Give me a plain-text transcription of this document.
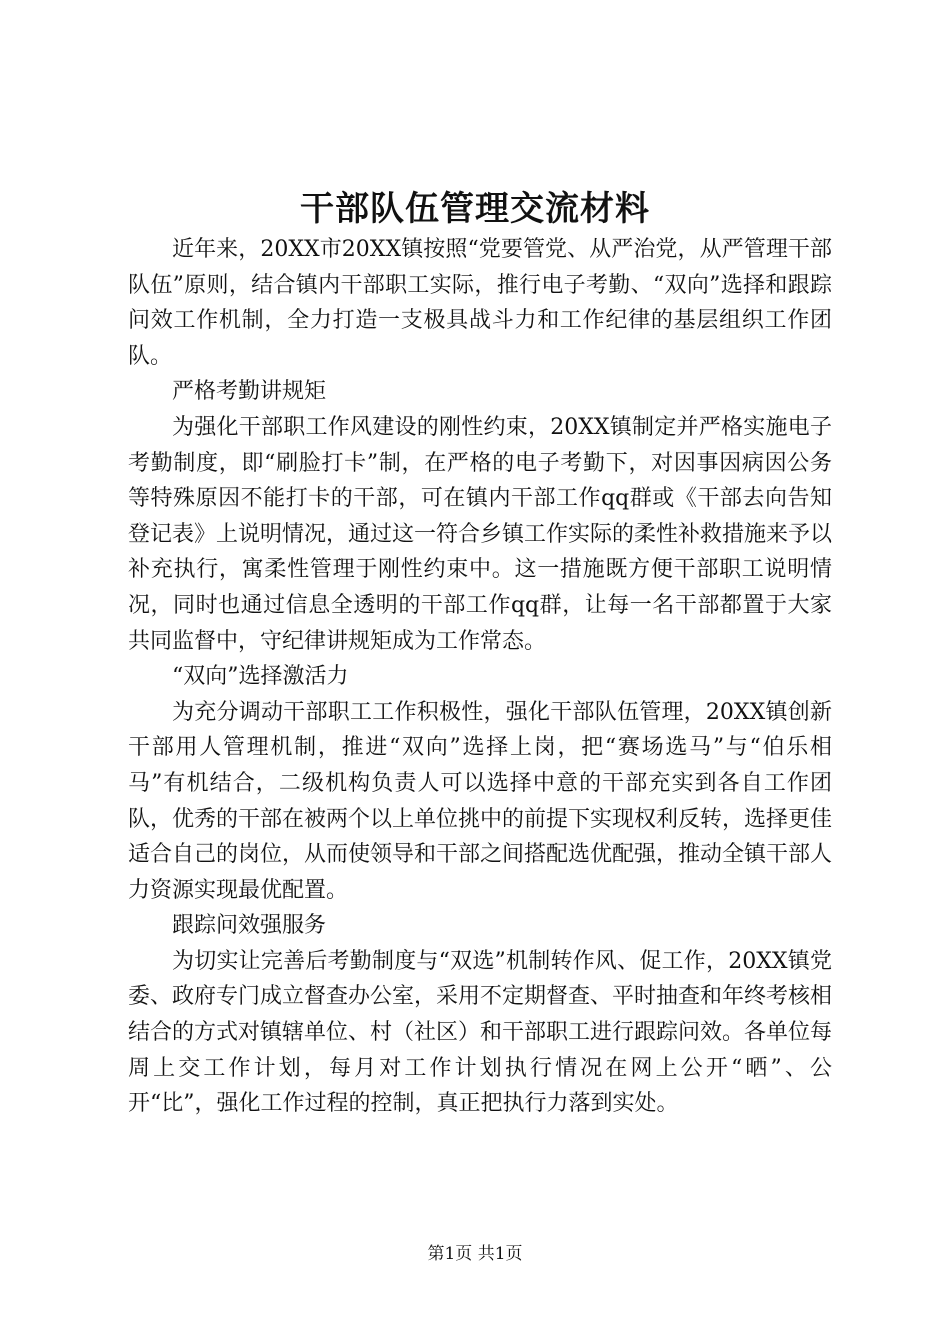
干部队伍管理交流材料

近年来，20XX市20XX镇按照“党要管党、从严治党，从严管理干部队伍”原则，结合镇内干部职工实际，推行电子考勤、“双向”选择和跟踪问效工作机制，全力打造一支极具战斗力和工作纪律的基层组织工作团队。

严格考勤讲规矩

为强化干部职工作风建设的刚性约束，20XX镇制定并严格实施电子考勤制度，即“刷脸打卡”制，在严格的电子考勤下，对因事因病因公务等特殊原因不能打卡的干部，可在镇内干部工作qq群或《干部去向告知登记表》上说明情况，通过这一符合乡镇工作实际的柔性补救措施来予以补充执行，寓柔性管理于刚性约束中。这一措施既方便干部职工说明情况，同时也通过信息全透明的干部工作qq群，让每一名干部都置于大家共同监督中，守纪律讲规矩成为工作常态。

“双向”选择激活力

为充分调动干部职工工作积极性，强化干部队伍管理，20XX镇创新干部用人管理机制，推进“双向”选择上岗，把“赛场选马”与“伯乐相马”有机结合，二级机构负责人可以选择中意的干部充实到各自工作团队，优秀的干部在被两个以上单位挑中的前提下实现权利反转，选择更佳适合自己的岗位，从而使领导和干部之间搭配选优配强，推动全镇干部人力资源实现最优配置。

跟踪问效强服务

为切实让完善后考勤制度与“双选”机制转作风、促工作，20XX镇党委、政府专门成立督查办公室，采用不定期督查、平时抽查和年终考核相结合的方式对镇辖单位、村（社区）和干部职工进行跟踪问效。各单位每周上交工作计划，每月对工作计划执行情况在网上公开“晒”、公开“比”，强化工作过程的控制，真正把执行力落到实处。

第1页 共1页
